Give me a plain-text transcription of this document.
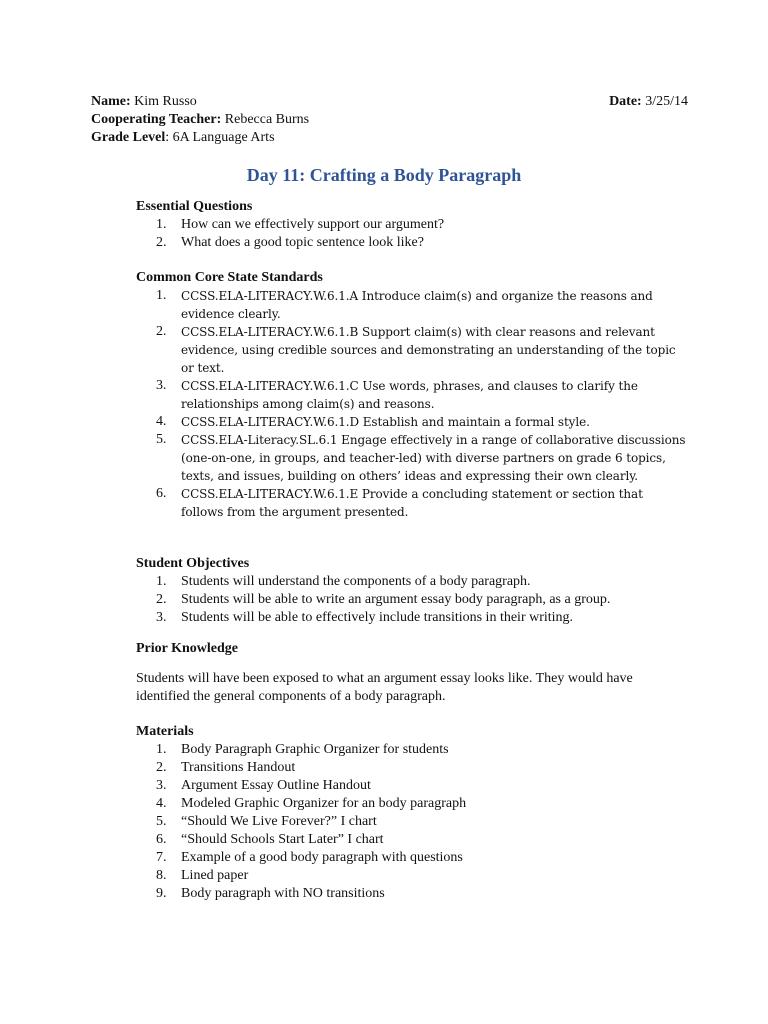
Name: Kim Russo	Date: 3/25/14
Cooperating Teacher: Rebecca Burns
Grade Level: 6A Language Arts
Day 11: Crafting a Body Paragraph
Essential Questions
1. How can we effectively support our argument?
2. What does a good topic sentence look like?
Common Core State Standards
1. CCSS.ELA-LITERACY.W.6.1.A Introduce claim(s) and organize the reasons and evidence clearly.
2. CCSS.ELA-LITERACY.W.6.1.B Support claim(s) with clear reasons and relevant evidence, using credible sources and demonstrating an understanding of the topic or text.
3. CCSS.ELA-LITERACY.W.6.1.C Use words, phrases, and clauses to clarify the relationships among claim(s) and reasons.
4. CCSS.ELA-LITERACY.W.6.1.D Establish and maintain a formal style.
5. CCSS.ELA-Literacy.SL.6.1 Engage effectively in a range of collaborative discussions (one-on-one, in groups, and teacher-led) with diverse partners on grade 6 topics, texts, and issues, building on others’ ideas and expressing their own clearly.
6. CCSS.ELA-LITERACY.W.6.1.E Provide a concluding statement or section that follows from the argument presented.
Student Objectives
1. Students will understand the components of a body paragraph.
2. Students will be able to write an argument essay body paragraph, as a group.
3. Students will be able to effectively include transitions in their writing.
Prior Knowledge
Students will have been exposed to what an argument essay looks like. They would have identified the general components of a body paragraph.
Materials
1. Body Paragraph Graphic Organizer for students
2. Transitions Handout
3. Argument Essay Outline Handout
4. Modeled Graphic Organizer for an body paragraph
5. “Should We Live Forever?” I chart
6. “Should Schools Start Later” I chart
7. Example of a good body paragraph with questions
8. Lined paper
9. Body paragraph with NO transitions
